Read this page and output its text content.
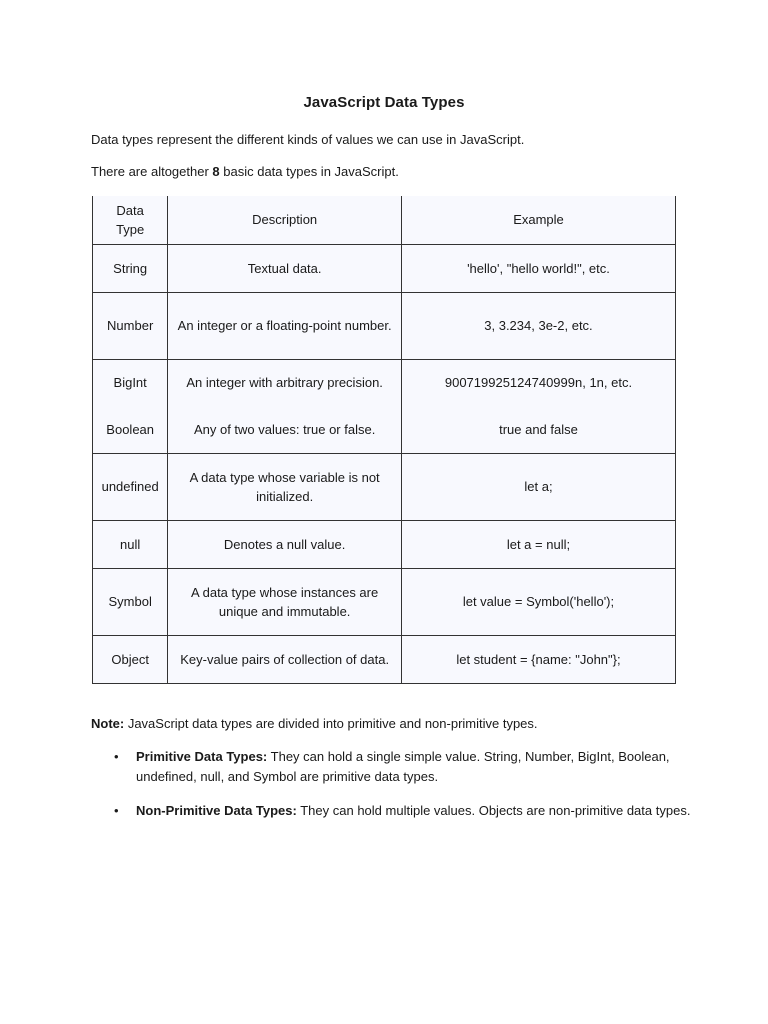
JavaScript Data Types
Data types represent the different kinds of values we can use in JavaScript.
There are altogether 8 basic data types in JavaScript.
Data Type	Description	Example
String	Textual data.	'hello', "hello world!", etc.
Number	An integer or a floating-point number.	3, 3.234, 3e-2, etc.
BigInt	An integer with arbitrary precision.	900719925124740999n, 1n, etc.
Boolean	Any of two values: true or false.	true and false
undefined	A data type whose variable is not initialized.	let a;
null	Denotes a null value.	let a = null;
Symbol	A data type whose instances are unique and immutable.	let value = Symbol('hello');
Object	Key-value pairs of collection of data.	let student = {name: "John"};
Note: JavaScript data types are divided into primitive and non-primitive types.
• Primitive Data Types: They can hold a single simple value. String, Number, BigInt, Boolean, undefined, null, and Symbol are primitive data types.
• Non-Primitive Data Types: They can hold multiple values. Objects are non-primitive data types.
